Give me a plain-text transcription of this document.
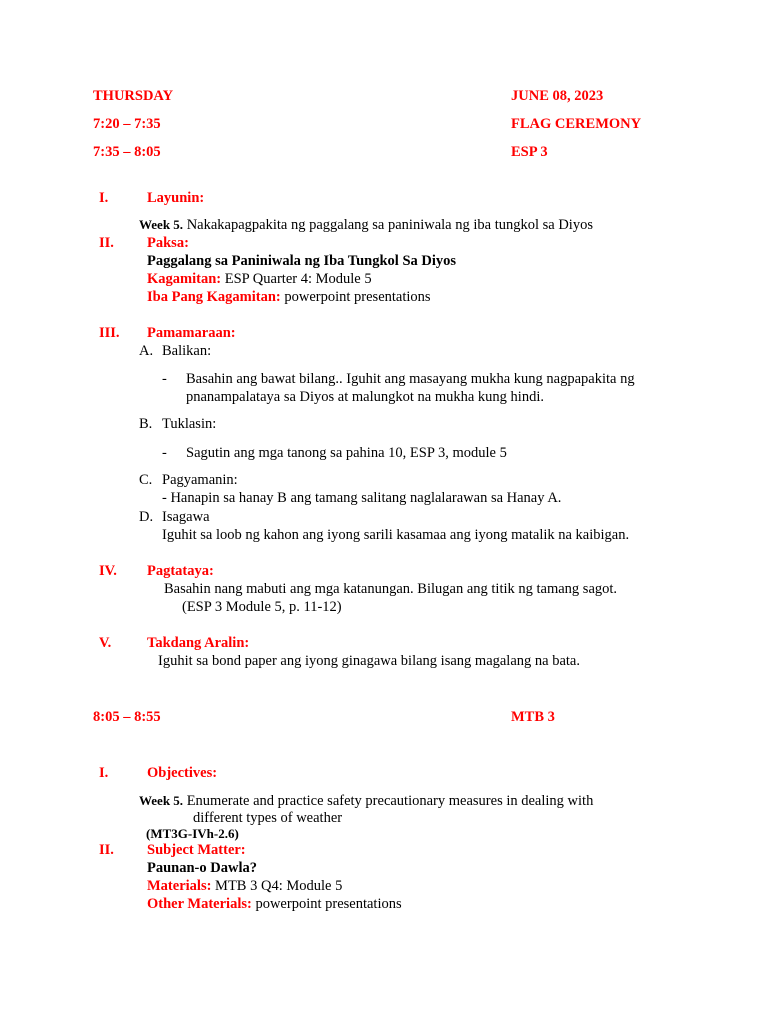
THURSDAY	JUNE 08, 2023
7:20 – 7:35	FLAG CEREMONY
7:35 – 8:05	ESP 3
I.	Layunin:
Week 5. Nakakapagpakita ng paggalang sa paniniwala ng iba tungkol sa Diyos
II. Paksa:
Paggalang sa Paniniwala ng Iba Tungkol Sa Diyos
Kagamitan: ESP Quarter 4: Module 5
Iba Pang Kagamitan: powerpoint presentations
III. Pamamaraan:
A. Balikan:
- Basahin ang bawat bilang.. Iguhit ang masayang mukha kung nagpapakita ng
pnanampalataya sa Diyos at malungkot na mukha kung hindi.
B. Tuklasin:
- Sagutin ang mga tanong sa pahina 10, ESP 3, module 5
C. Pagyamanin:
- Hanapin sa hanay B ang tamang salitang naglalarawan sa Hanay A.
D. Isagawa
Iguhit sa loob ng kahon ang iyong sarili kasamaa ang iyong matalik na kaibigan.
IV. Pagtataya:
Basahin nang mabuti ang mga katanungan. Bilugan ang titik ng tamang sagot.
(ESP 3 Module 5, p. 11-12)
V. Takdang Aralin:
Iguhit sa bond paper ang iyong ginagawa bilang isang magalang na bata.
8:05 – 8:55	MTB 3
I.	Objectives:
Week 5. Enumerate and practice safety precautionary measures in dealing with
different types of weather
(MT3G-IVh-2.6)
II. Subject Matter:
Paunan-o Dawla?
Materials: MTB 3 Q4: Module 5
Other Materials: powerpoint presentations
